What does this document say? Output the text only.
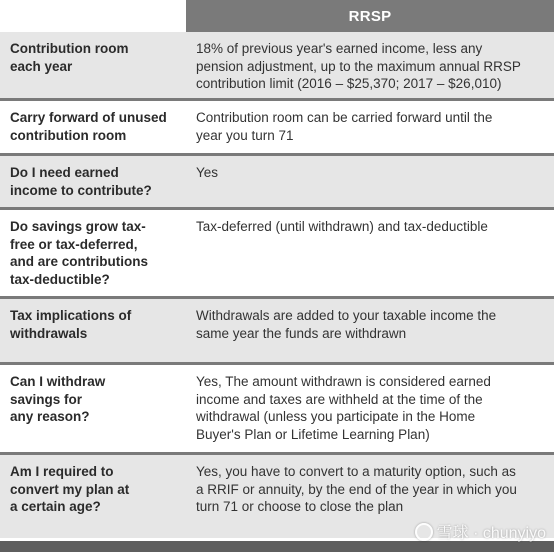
RRSP
Contribution room
each year
18% of previous year's earned income, less any
pension adjustment, up to the maximum annual RRSP
contribution limit (2016 – $25,370; 2017 – $26,010)
Carry forward of unused
contribution room
Contribution room can be carried forward until the
year you turn 71
Do I need earned
income to contribute?
Yes
Do savings grow tax-
free or tax-deferred,
and are contributions
tax-deductible?
Tax-deferred (until withdrawn) and tax-deductible
Tax implications of
withdrawals
Withdrawals are added to your taxable income the
same year the funds are withdrawn
Can I withdraw
savings for
any reason?
Yes, The amount withdrawn is considered earned
income and taxes are withheld at the time of the
withdrawal (unless you participate in the Home
Buyer's Plan or Lifetime Learning Plan)
Am I required to
convert my plan at
a certain age?
Yes, you have to convert to a maturity option, such as
a RRIF or annuity, by the end of the year in which you
turn 71 or choose to close the plan
雪球 · chunyiyo
